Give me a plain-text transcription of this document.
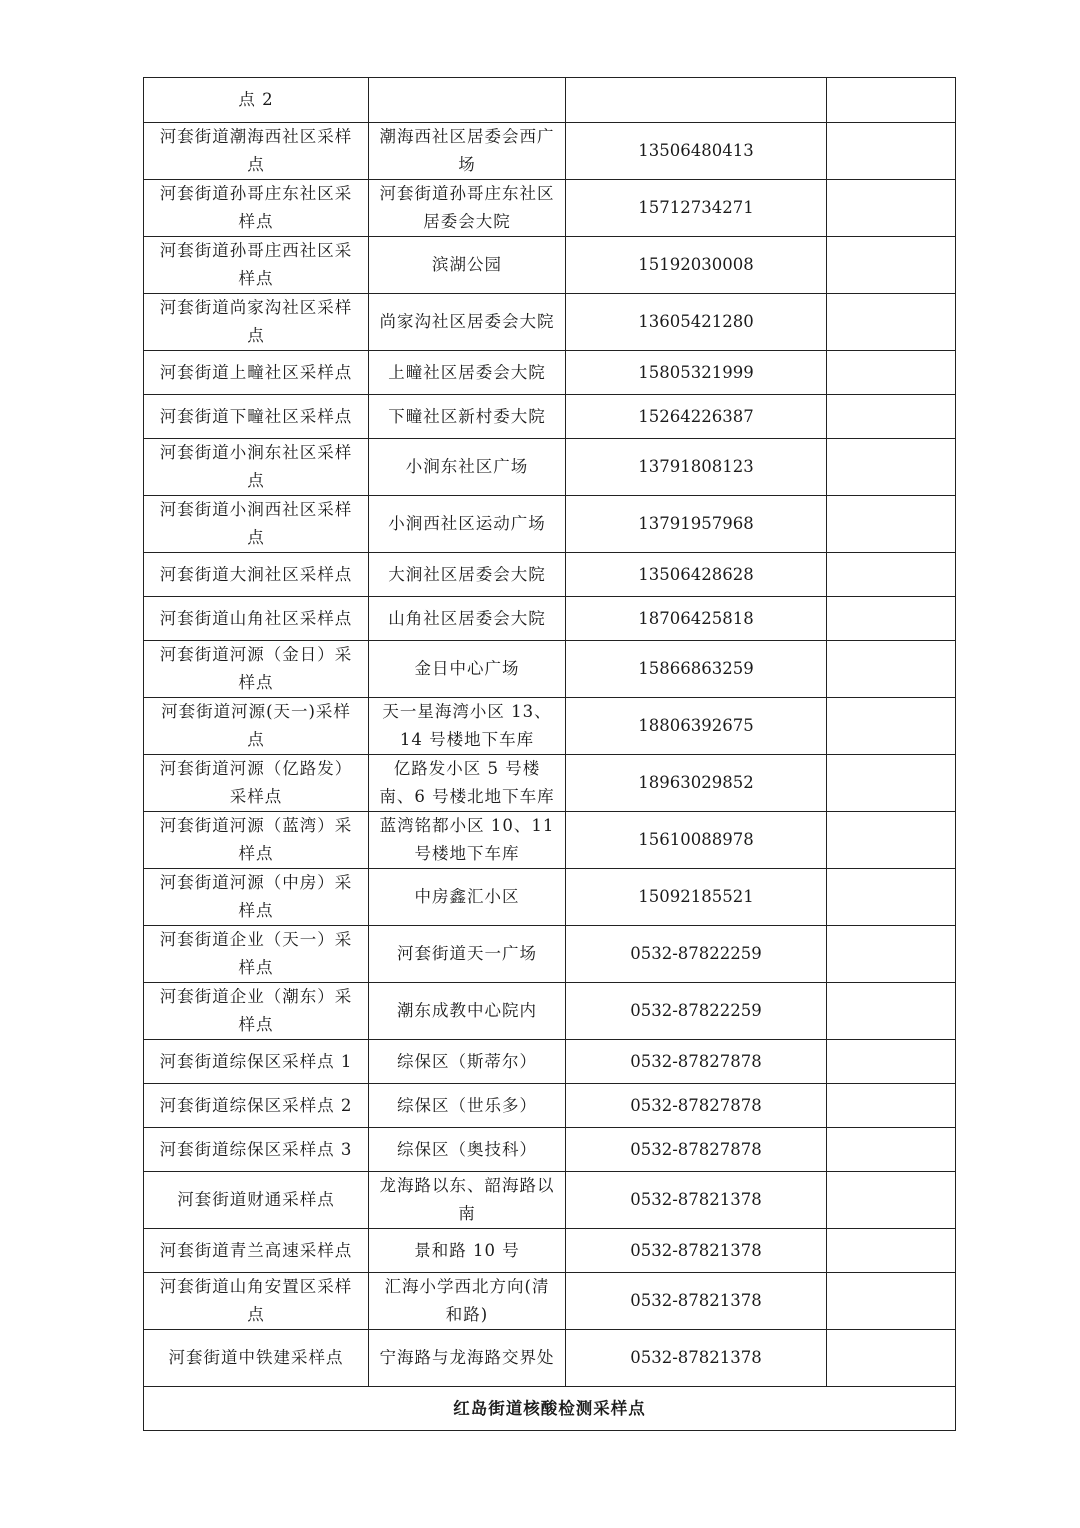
点 2			
河套街道潮海西社区采样点	潮海西社区居委会西广场	13506480413	
河套街道孙哥庄东社区采样点	河套街道孙哥庄东社区居委会大院	15712734271	
河套街道孙哥庄西社区采样点	滨湖公园	15192030008	
河套街道尚家沟社区采样点	尚家沟社区居委会大院	13605421280	
河套街道上疃社区采样点	上疃社区居委会大院	15805321999	
河套街道下疃社区采样点	下疃社区新村委大院	15264226387	
河套街道小涧东社区采样点	小涧东社区广场	13791808123	
河套街道小涧西社区采样点	小涧西社区运动广场	13791957968	
河套街道大涧社区采样点	大涧社区居委会大院	13506428628	
河套街道山角社区采样点	山角社区居委会大院	18706425818	
河套街道河源（金日）采样点	金日中心广场	15866863259	
河套街道河源(天一)采样点	天一星海湾小区 13、14 号楼地下车库	18806392675	
河套街道河源（亿路发）采样点	亿路发小区 5 号楼南、6 号楼北地下车库	18963029852	
河套街道河源（蓝湾）采样点	蓝湾铭都小区 10、11 号楼地下车库	15610088978	
河套街道河源（中房）采样点	中房鑫汇小区	15092185521	
河套街道企业（天一）采样点	河套街道天一广场	0532-87822259	
河套街道企业（潮东）采样点	潮东成教中心院内	0532-87822259	
河套街道综保区采样点 1	综保区（斯蒂尔）	0532-87827878	
河套街道综保区采样点 2	综保区（世乐多）	0532-87827878	
河套街道综保区采样点 3	综保区（奥技科）	0532-87827878	
河套街道财通采样点	龙海路以东、韶海路以南	0532-87821378	
河套街道青兰高速采样点	景和路 10 号	0532-87821378	
河套街道山角安置区采样点	汇海小学西北方向(清和路)	0532-87821378	
河套街道中铁建采样点	宁海路与龙海路交界处	0532-87821378	
红岛街道核酸检测采样点			
